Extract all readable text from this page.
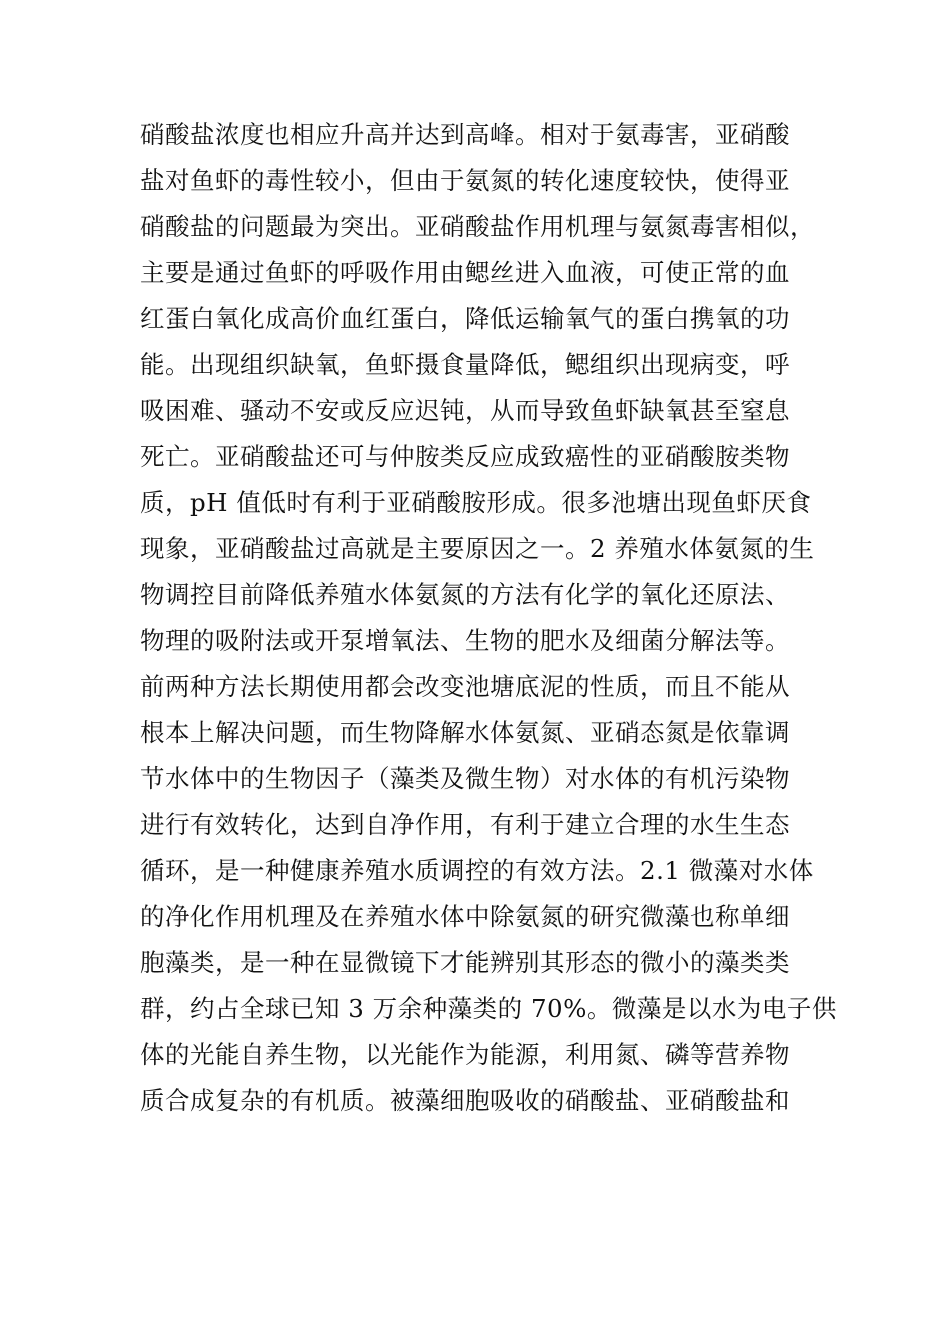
硝酸盐浓度也相应升高并达到高峰。相对于氨毒害，亚硝酸
盐对鱼虾的毒性较小，但由于氨氮的转化速度较快，使得亚
硝酸盐的问题最为突出。亚硝酸盐作用机理与氨氮毒害相似，
主要是通过鱼虾的呼吸作用由鳃丝进入血液，可使正常的血
红蛋白氧化成高价血红蛋白，降低运输氧气的蛋白携氧的功
能。出现组织缺氧，鱼虾摄食量降低，鳃组织出现病变，呼
吸困难、骚动不安或反应迟钝，从而导致鱼虾缺氧甚至窒息
死亡。亚硝酸盐还可与仲胺类反应成致癌性的亚硝酸胺类物
质，pH 值低时有利于亚硝酸胺形成。很多池塘出现鱼虾厌食
现象，亚硝酸盐过高就是主要原因之一。2 养殖水体氨氮的生
物调控目前降低养殖水体氨氮的方法有化学的氧化还原法、
物理的吸附法或开泵增氧法、生物的肥水及细菌分解法等。
前两种方法长期使用都会改变池塘底泥的性质，而且不能从
根本上解决问题，而生物降解水体氨氮、亚硝态氮是依靠调
节水体中的生物因子（藻类及微生物）对水体的有机污染物
进行有效转化，达到自净作用，有利于建立合理的水生生态
循环，是一种健康养殖水质调控的有效方法。2.1 微藻对水体
的净化作用机理及在养殖水体中除氨氮的研究微藻也称单细
胞藻类，是一种在显微镜下才能辨别其形态的微小的藻类类
群，约占全球已知 3 万余种藻类的 70%。微藻是以水为电子供
体的光能自养生物，以光能作为能源，利用氮、磷等营养物
质合成复杂的有机质。被藻细胞吸收的硝酸盐、亚硝酸盐和
